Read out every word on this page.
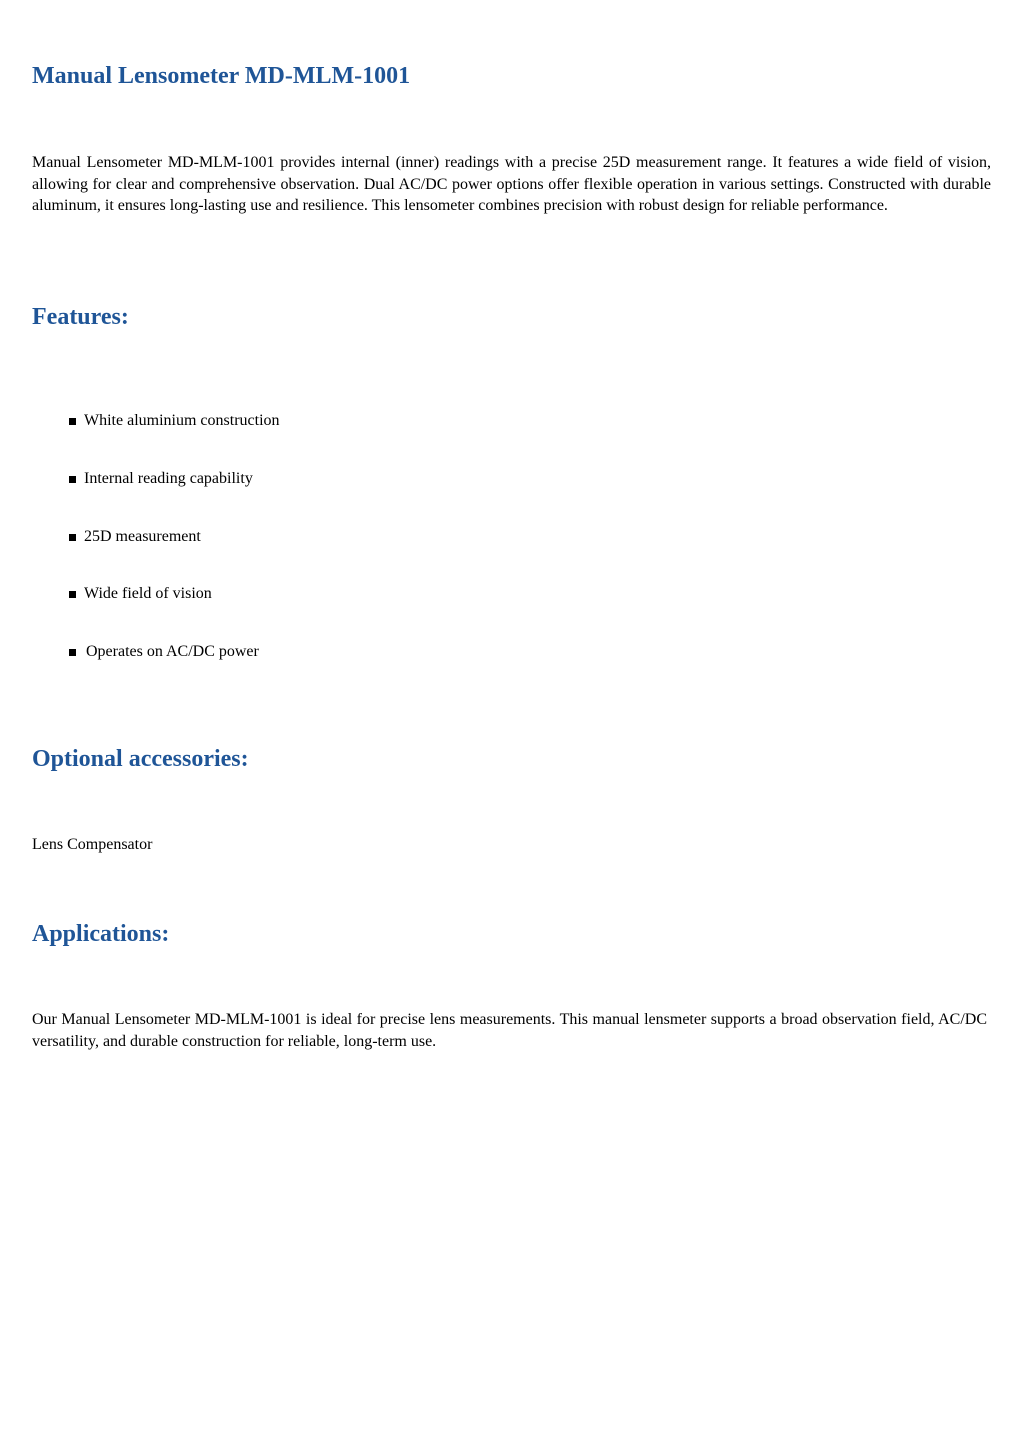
Manual Lensometer MD-MLM-1001

Manual Lensometer MD-MLM-1001 provides internal (inner) readings with a precise 25D measurement range. It features a wide field of vision, allowing for clear and comprehensive observation. Dual AC/DC power options offer flexible operation in various settings. Constructed with durable aluminum, it ensures long-lasting use and resilience. This lensometer combines precision with robust design for reliable performance.

Features:
White aluminium construction
Internal reading capability
25D measurement
Wide field of vision
Operates on AC/DC power
Optional accessories:

Lens Compensator

Applications:

Our Manual Lensometer MD-MLM-1001 is ideal for precise lens measurements. This manual lensmeter supports a broad observation field, AC/DC versatility, and durable construction for reliable, long-term use.
